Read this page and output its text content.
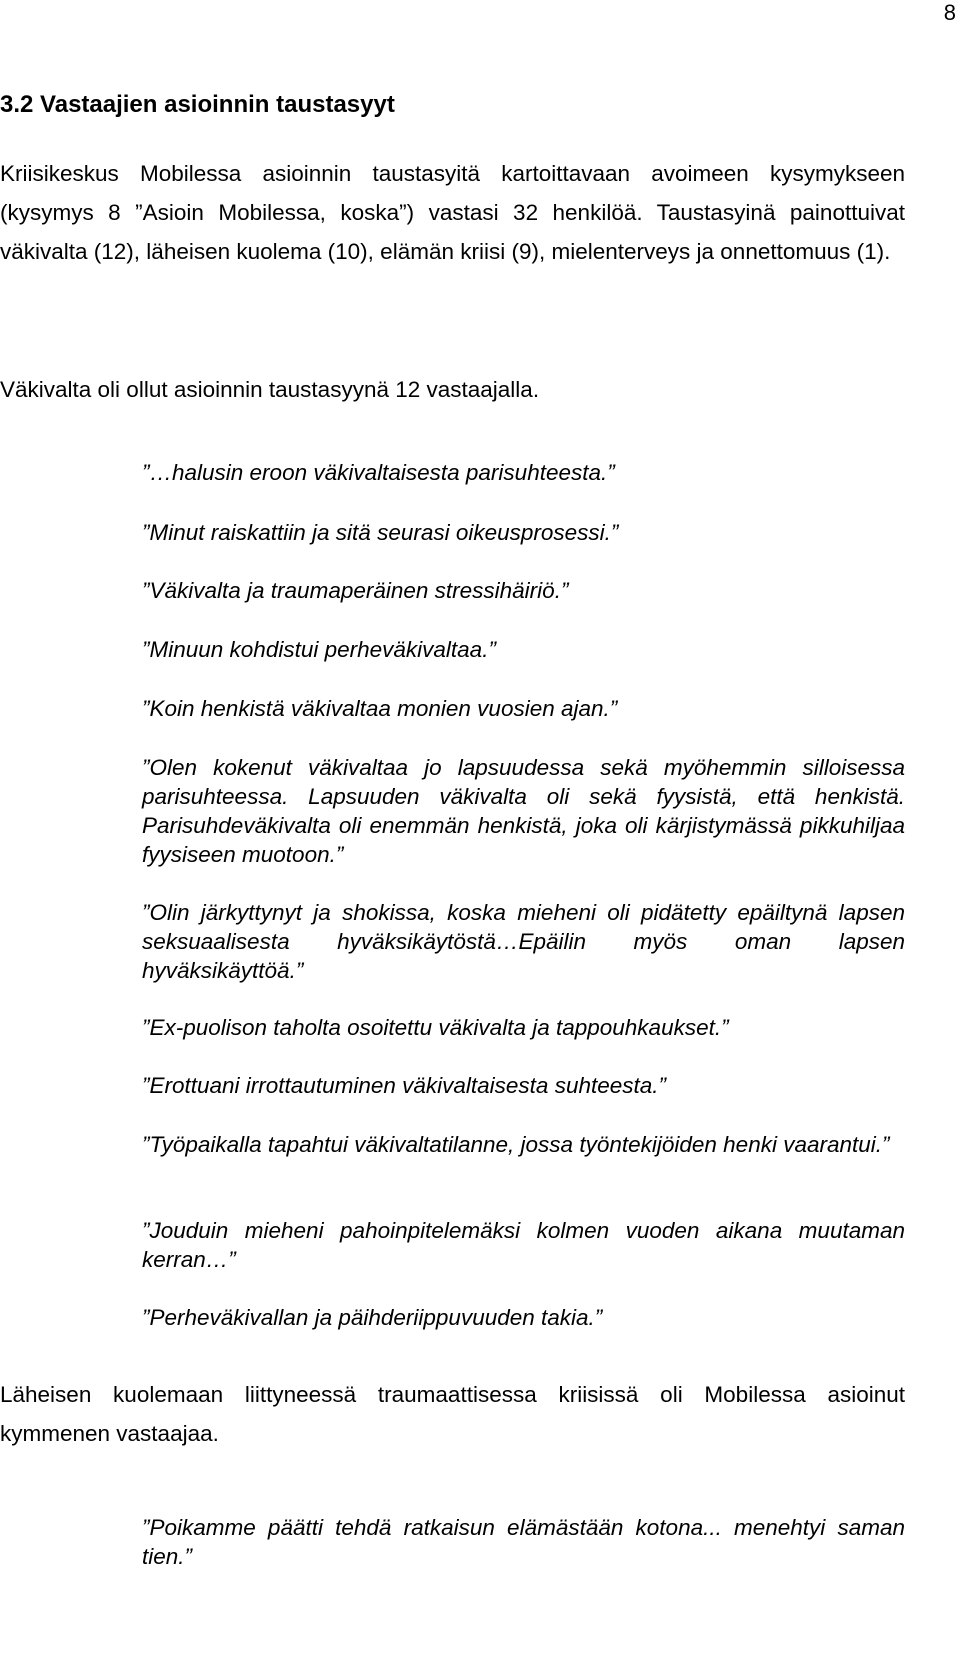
8
3.2 Vastaajien asioinnin taustasyyt

Kriisikeskus Mobilessa asioinnin taustasyitä kartoittavaan avoimeen kysymykseen (kysymys 8 ”Asioin Mobilessa, koska”) vastasi 32 henkilöä. Taustasyinä painottuivat väkivalta (12), läheisen kuolema (10), elämän kriisi (9), mielenterveys ja onnettomuus (1).

Väkivalta oli ollut asioinnin taustasyynä 12 vastaajalla.

”…halusin eroon väkivaltaisesta parisuhteesta.”

”Minut raiskattiin ja sitä seurasi oikeusprosessi.”

”Väkivalta ja traumaperäinen stressihäiriö.”

”Minuun kohdistui perheväkivaltaa.”

”Koin henkistä väkivaltaa monien vuosien ajan.”

”Olen kokenut väkivaltaa jo lapsuudessa sekä myöhemmin silloisessa parisuhteessa. Lapsuuden väkivalta oli sekä fyysistä, että henkistä. Parisuhdeväkivalta oli enemmän henkistä, joka oli kärjistymässä pikkuhiljaa fyysiseen muotoon.”

”Olin järkyttynyt ja shokissa, koska mieheni oli pidätetty epäiltynä lapsen seksuaalisesta hyväksikäytöstä…Epäilin myös oman lapsen hyväksikäyttöä.”

”Ex-puolison taholta osoitettu väkivalta ja tappouhkaukset.”

”Erottuani irrottautuminen väkivaltaisesta suhteesta.”

”Työpaikalla tapahtui väkivaltatilanne, jossa työntekijöiden henki vaarantui.”

”Jouduin mieheni pahoinpitelemäksi kolmen vuoden aikana muutaman kerran…”

”Perheväkivallan ja päihderiippuvuuden takia.”

Läheisen kuolemaan liittyneessä traumaattisessa kriisissä oli Mobilessa asioinut kymmenen vastaajaa.

”Poikamme päätti tehdä ratkaisun elämästään kotona... menehtyi saman tien.”
